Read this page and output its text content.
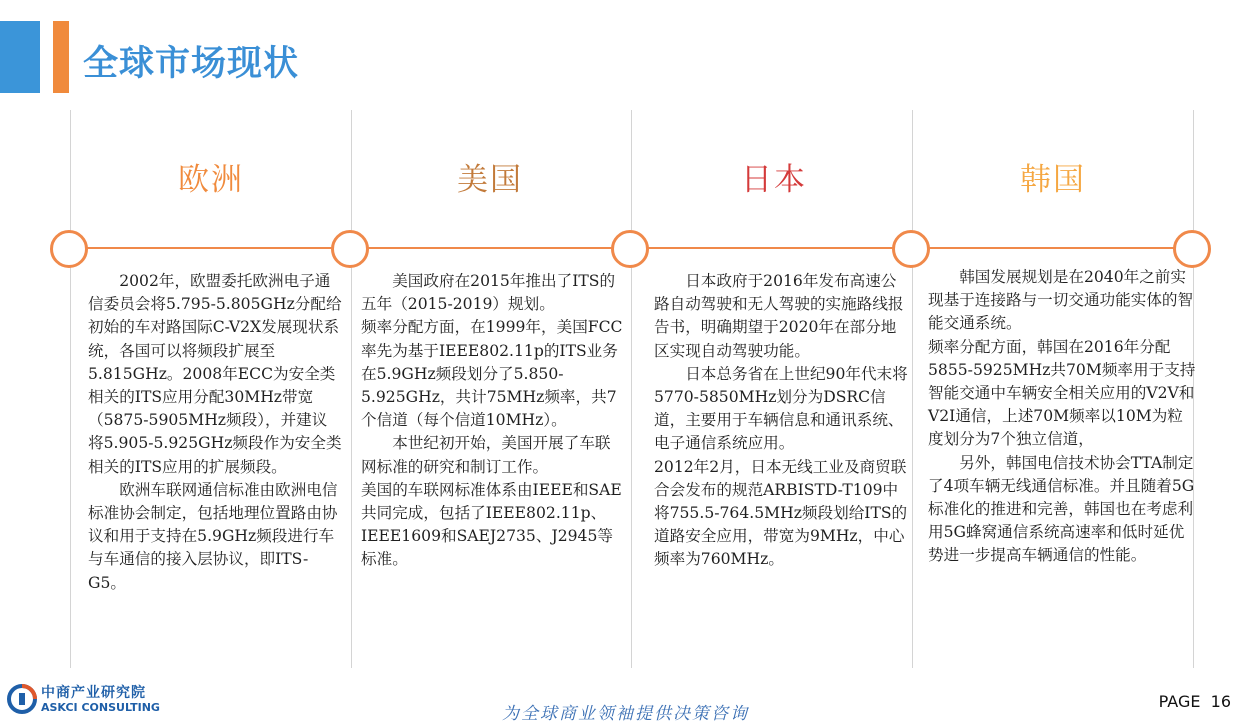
全球市场现状
欧洲	美国	日本	韩国

2002年，欧盟委托欧洲电子通信委员会将5.795-5.805GHz分配给初始的车对路国际C-V2X发展现状系统，各国可以将频段扩展至5.815GHz。2008年ECC为安全类相关的ITS应用分配30MHz带宽（5875-5905MHz频段），并建议将5.905-5.925GHz频段作为安全类相关的ITS应用的扩展频段。

欧洲车联网通信标准由欧洲电信标准协会制定，包括地理位置路由协议和用于支持在5.9GHz频段进行车与车通信的接入层协议，即ITS-G5。

美国政府在2015年推出了ITS的五年（2015-2019）规划。

频率分配方面，在1999年，美国FCC率先为基于IEEE802.11p的ITS业务在5.9GHz频段划分了5.850-5.925GHz，共计75MHz频率，共7个信道（每个信道10MHz）。

本世纪初开始，美国开展了车联网标准的研究和制订工作。

美国的车联网标准体系由IEEE和SAE共同完成，包括了IEEE802.11p、IEEE1609和SAEJ2735、J2945等标准。

日本政府于2016年发布高速公路自动驾驶和无人驾驶的实施路线报告书，明确期望于2020年在部分地区实现自动驾驶功能。

日本总务省在上世纪90年代末将5770-5850MHz划分为DSRC信道，主要用于车辆信息和通讯系统、电子通信系统应用。

2012年2月，日本无线工业及商贸联合会发布的规范ARBISTD-T109中将755.5-764.5MHz频段划给ITS的道路安全应用，带宽为9MHz，中心频率为760MHz。

韩国发展规划是在2040年之前实现基于连接路与一切交通功能实体的智能交通系统。

频率分配方面，韩国在2016年分配5855-5925MHz共70M频率用于支持智能交通中车辆安全相关应用的V2V和V2I通信，上述70M频率以10M为粒度划分为7个独立信道，

另外，韩国电信技术协会TTA制定了4项车辆无线通信标准。并且随着5G标准化的推进和完善，韩国也在考虑利用5G蜂窝通信系统高速率和低时延优势进一步提高车辆通信的性能。

中商产业研究院
ASKCI CONSULTING	为全球商业领袖提供决策咨询
PAGE  16
